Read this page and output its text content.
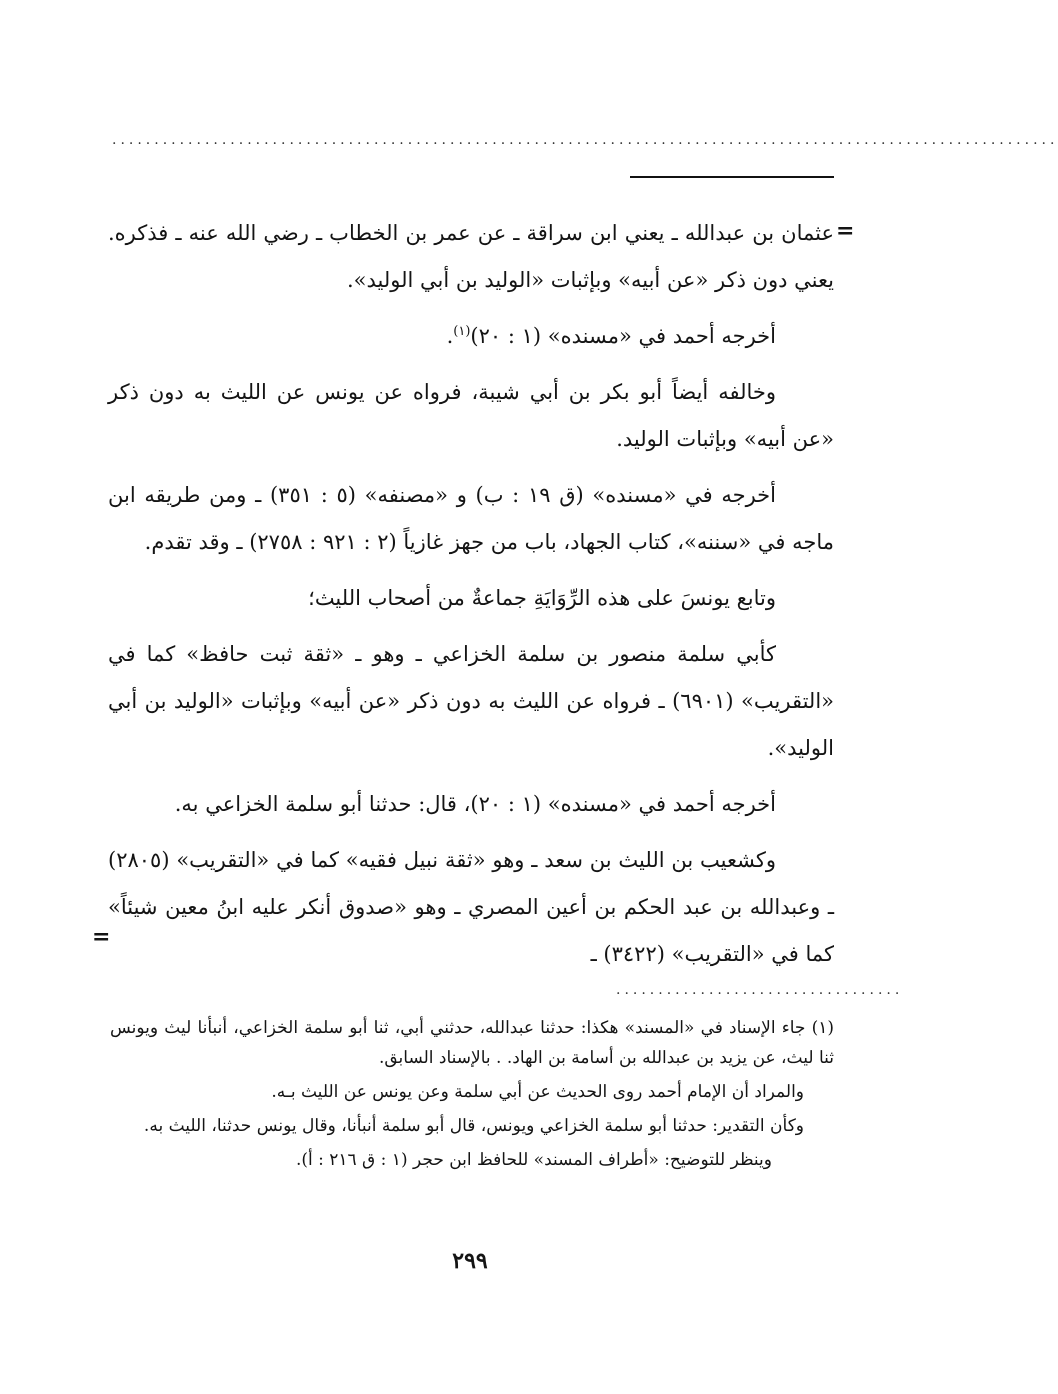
................................................................................................................
=

عثمان بن عبدالله ـ يعني ابن سراقة ـ عن عمر بن الخطاب ـ رضي الله عنه ـ فذكره. يعني دون ذكر «عن أبيه» وبإثبات «الوليد بن أبي الوليد».

أخرجه أحمد في «مسنده» (١ : ٢٠)$^{(١)}$.

وخالفه أيضاً أبو بكر بن أبي شيبة، فرواه عن يونس عن الليث به دون ذكر «عن أبيه» وبإثبات الوليد.

أخرجه في «مسنده» (ق ١٩ : ب) و «مصنفه» (٥ : ٣٥١) ـ ومن طريقه ابن ماجه في «سننه»، كتاب الجهاد، باب من جهز غازياً (٢ : ٩٢١ : ٢٧٥٨) ـ وقد تقدم.

وتابع يونسَ على هذه الرِّوَايَةِ جماعةٌ من أصحاب الليث؛

كأبي سلمة منصور بن سلمة الخزاعي ـ وهو ـ «ثقة ثبت حافظ» كما في «التقريب» (٦٩٠١) ـ فرواه عن الليث به دون ذكر «عن أبيه» وبإثبات «الوليد بن أبي الوليد».

أخرجه أحمد في «مسنده» (١ : ٢٠)، قال: حدثنا أبو سلمة الخزاعي به.

وكشعيب بن الليث بن سعد ـ وهو «ثقة نبيل فقيه» كما في «التقريب» (٢٨٠٥) ـ وعبدالله بن عبد الحكم بن أعين المصري ـ وهو «صدوق أنكر عليه ابنُ معين شيئاً» كما في «التقريب» (٣٤٢٢) ـ

=
..................................

(١) جاء الإسناد في «المسند» هكذا: حدثنا عبدالله، حدثني أبي، ثنا أبو سلمة الخزاعي، أنبأنا ليث ويونس ثنا ليث، عن يزيد بن عبدالله بن أسامة بن الهاد. . بالإسناد السابق.

والمراد أن الإمام أحمد روى الحديث عن أبي سلمة وعن يونس عن الليث بـه.

وكأن التقدير: حدثنا أبو سلمة الخزاعي ويونس، قال أبو سلمة أنبأنا، وقال يونس حدثنا، الليث به.

وينظر للتوضيح: «أطراف المسند» للحافظ ابن حجر (١ : ق ٢١٦ : أ).

٢٩٩
